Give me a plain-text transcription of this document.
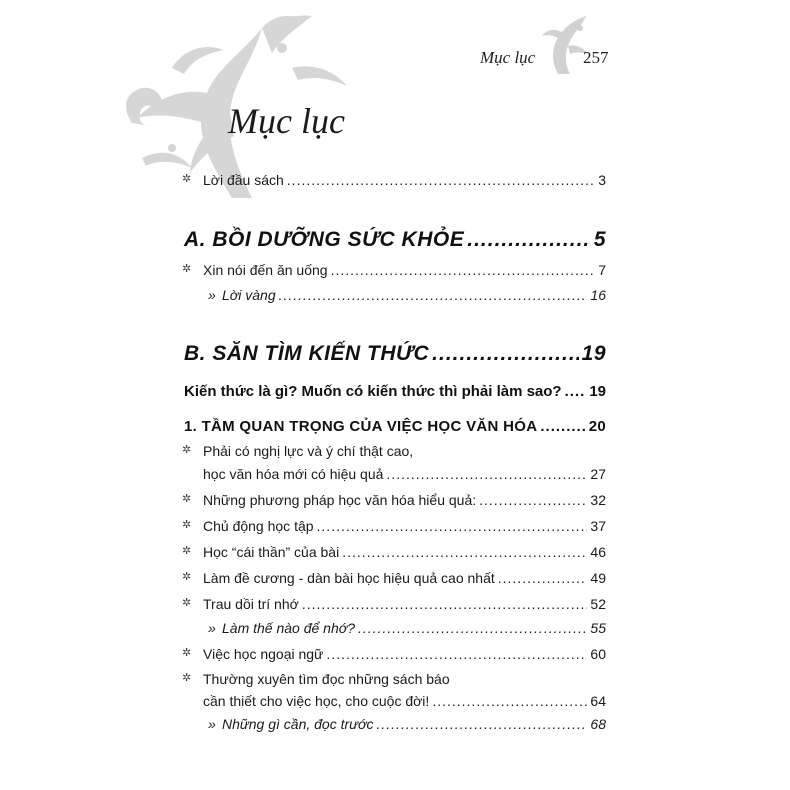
Mục lục	257
Mục lục
✲ Lời đầu sách .....	3
A. BỒI DƯỠNG SỨC KHỎE .....	5
✲ Xin nói đến ăn uống .....	7
» Lời vàng .....	16
B. SĂN TÌM KIẾN THỨC .....	19
Kiến thức là gì? Muốn có kiến thức thì phải làm sao? ..... 19
1. TẦM QUAN TRỌNG CỦA VIỆC HỌC VĂN HÓA .....	20
✲ Phải có nghị lực và ý chí thật cao,
học văn hóa mới có hiệu quả .....	27
✲ Những phương pháp học văn hóa hiểu quả: .....	32
✲ Chủ động học tập .....	37
✲ Học “cái thần” của bài .....	46
✲ Làm đề cương - dàn bài học hiệu quả cao nhất .....	49
✲ Trau dồi trí nhớ .....	52
» Làm thế nào để nhớ? .....	55
✲ Việc học ngoại ngữ .....	60
✲ Thường xuyên tìm đọc những sách báo
cần thiết cho việc học, cho cuộc đời! .....	64
» Những gì cần, đọc trước .....	68
